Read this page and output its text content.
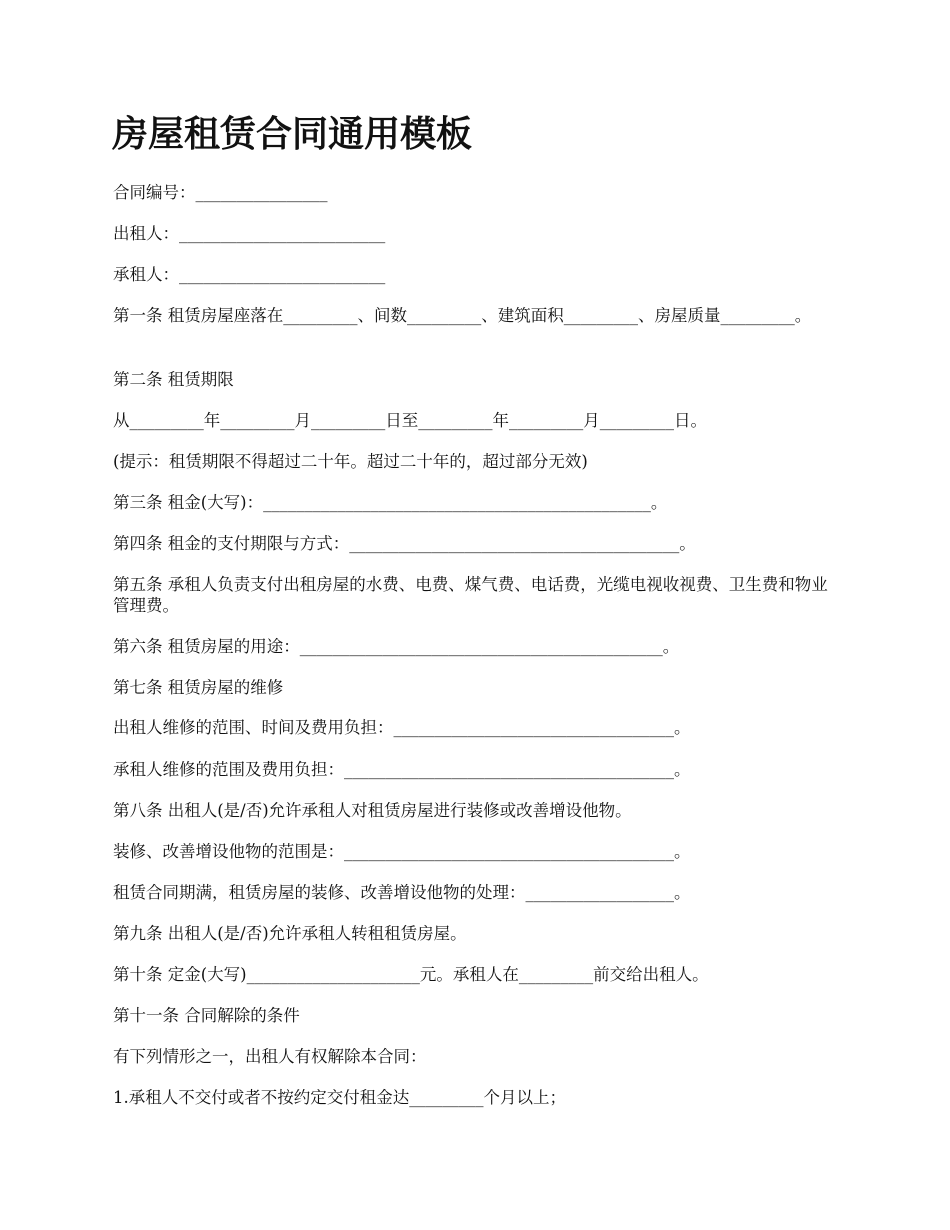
房屋租赁合同通用模板

合同编号：________________

出租人：_________________________

承租人：_________________________

第一条 租赁房屋座落在_________、间数_________、建筑面积_________、房屋质量_________。

第二条 租赁期限

从_________年_________月_________日至_________年_________月_________日。

(提示：租赁期限不得超过二十年。超过二十年的，超过部分无效)

第三条 租金(大写)：_______________________________________________。

第四条 租金的支付期限与方式：________________________________________。

第五条 承租人负责支付出租房屋的水费、电费、煤气费、电话费，光缆电视收视费、卫生费和物业管理费。

第六条 租赁房屋的用途：____________________________________________。

第七条 租赁房屋的维修

出租人维修的范围、时间及费用负担：__________________________________。

承租人维修的范围及费用负担：________________________________________。

第八条 出租人(是/否)允许承租人对租赁房屋进行装修或改善增设他物。

装修、改善增设他物的范围是：________________________________________。

租赁合同期满，租赁房屋的装修、改善增设他物的处理：__________________。

第九条 出租人(是/否)允许承租人转租租赁房屋。

第十条 定金(大写)_____________________元。承租人在_________前交给出租人。

第十一条 合同解除的条件

有下列情形之一，出租人有权解除本合同：

1.承租人不交付或者不按约定交付租金达_________个月以上；
